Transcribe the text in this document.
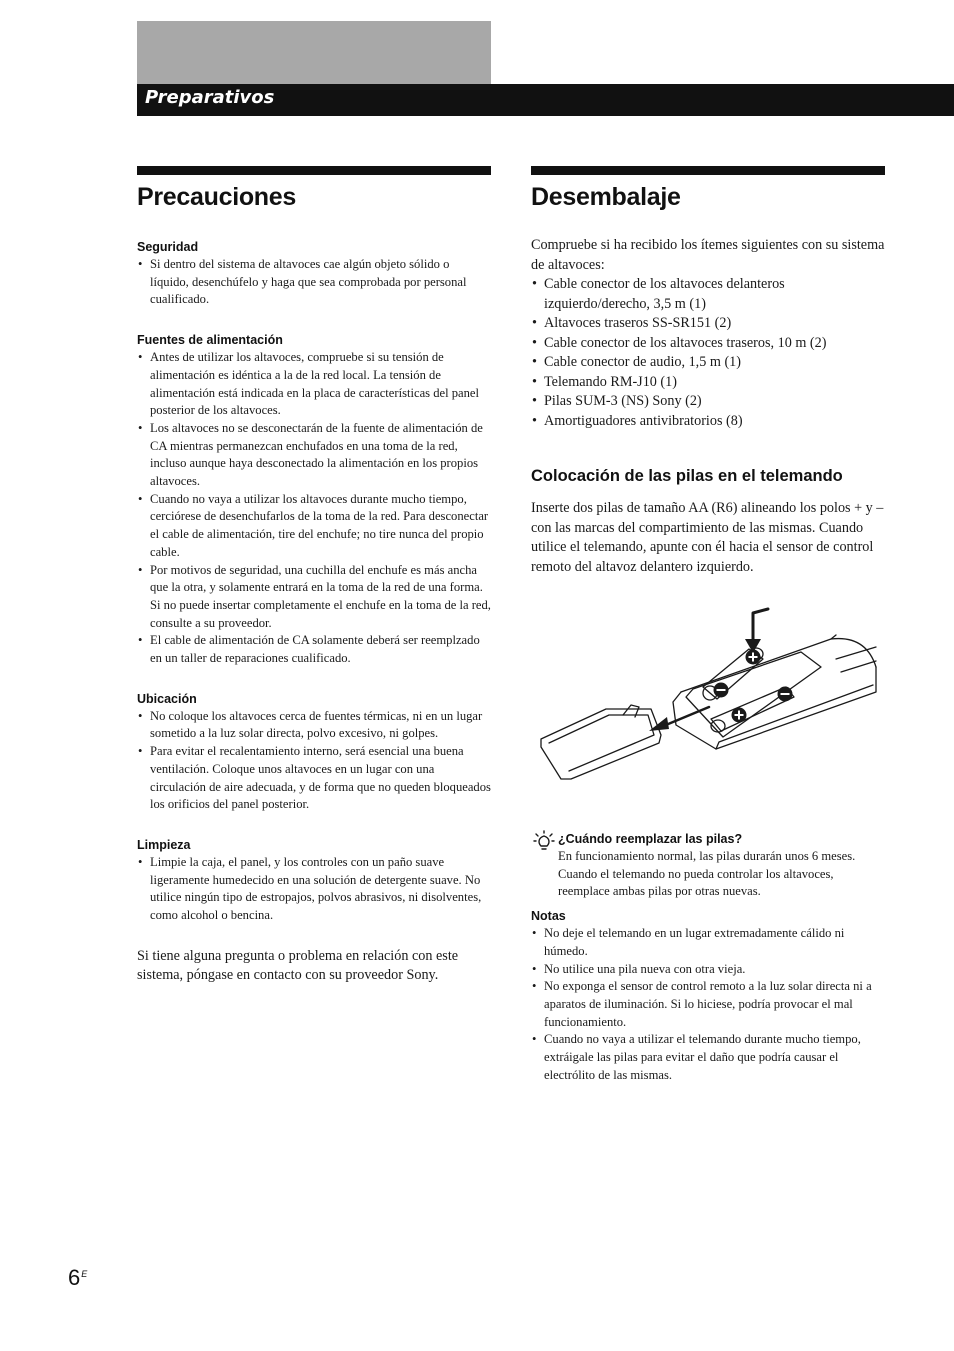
Preparativos
Precauciones
Seguridad
• Si dentro del sistema de altavoces cae algún objeto sólido o líquido, desenchúfelo y haga que sea comprobada por personal cualificado.
Fuentes de alimentación
• Antes de utilizar los altavoces, compruebe si su tensión de alimentación es idéntica a la de la red local. La tensión de alimentación está indicada en la placa de características del panel posterior de los altavoces.
• Los altavoces no se desconectarán de la fuente de alimentación de CA mientras permanezcan enchufados en una toma de la red, incluso aunque haya desconectado la alimentación en los propios altavoces.
• Cuando no vaya a utilizar los altavoces durante mucho tiempo, cerciórese de desenchufarlos de la toma de la red. Para desconectar el cable de alimentación, tire del enchufe; no tire nunca del propio cable.
• Por motivos de seguridad, una cuchilla del enchufe es más ancha que la otra, y solamente entrará en la toma de la red de una forma. Si no puede insertar completamente el enchufe en la toma de la red, consulte a su proveedor.
• El cable de alimentación de CA solamente deberá ser reemplzado en un taller de reparaciones cualificado.
Ubicación
• No coloque los altavoces cerca de fuentes térmicas, ni en un lugar sometido a la luz solar directa, polvo excesivo, ni golpes.
• Para evitar el recalentamiento interno, será esencial una buena ventilación. Coloque unos altavoces en un lugar con una circulación de aire adecuada, y de forma que no queden bloqueados los orificios del panel posterior.
Limpieza
• Limpie la caja, el panel, y los controles con un paño suave ligeramente humedecido en una solución de detergente suave. No utilice ningún tipo de estropajos, polvos abrasivos, ni disolventes, como alcohol o bencina.

Si tiene alguna pregunta o problema en relación con este sistema, póngase en contacto con su proveedor Sony.

Desembalaje

Compruebe si ha recibido los ítemes siguientes con su sistema de altavoces:

• Cable conector de los altavoces delanteros izquierdo/derecho, 3,5 m (1)
• Altavoces traseros SS-SR151 (2)
• Cable conector de los altavoces traseros, 10 m (2)
• Cable conector de audio, 1,5 m (1)
• Telemando RM-J10 (1)
• Pilas SUM-3 (NS) Sony (2)
• Amortiguadores antivibratorios (8)
Colocación de las pilas en el telemando

Inserte dos pilas de tamaño AA (R6) alineando los polos + y – con las marcas del compartimiento de las mismas. Cuando utilice el telemando, apunte con él hacia el sensor de control remoto del altavoz delantero izquierdo.

¿Cuándo reemplazar las pilas?

En funcionamiento normal, las pilas durarán unos 6 meses. Cuando el telemando no pueda controlar los altavoces, reemplace ambas pilas por otras nuevas.

Notas
• No deje el telemando en un lugar extremadamente cálido ni húmedo.
• No utilice una pila nueva con otra vieja.
• No exponga el sensor de control remoto a la luz solar directa ni a aparatos de iluminación. Si lo hiciese, podría provocar el mal funcionamiento.
• Cuando no vaya a utilizar el telemando durante mucho tiempo, extráigale las pilas para evitar el daño que podría causar el electrólito de las mismas.
$6^E$
